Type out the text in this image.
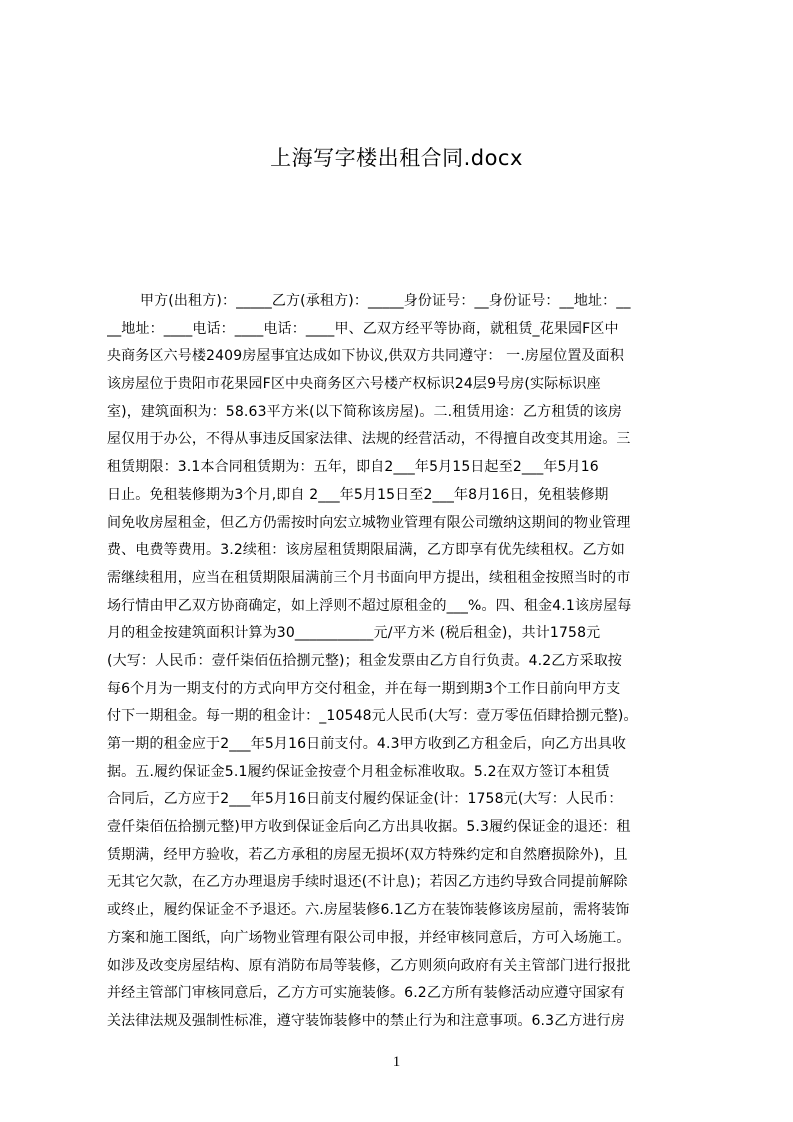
上海写字楼出租合同.docx
甲方(出租方)：_____乙方(承租方)：_____身份证号：__身份证号：__地址：__
__地址：____电话：____电话：____甲、乙双方经平等协商，就租赁_花果园F区中
央商务区六号楼2409房屋事宜达成如下协议,供双方共同遵守： 一.房屋位置及面积
该房屋位于贵阳市花果园F区中央商务区六号楼产权标识24层9号房(实际标识座
室)，建筑面积为：58.63平方米(以下简称该房屋)。二.租赁用途：乙方租赁的该房
屋仅用于办公，不得从事违反国家法律、法规的经营活动，不得擅自改变其用途。三
租赁期限：3.1本合同租赁期为：五年，即自2___年5月15日起至2___年5月16
日止。免租装修期为3个月,即自 2___年5月15日至2___年8月16日，免租装修期
间免收房屋租金，但乙方仍需按时向宏立城物业管理有限公司缴纳这期间的物业管理
费、电费等费用。3.2续租：该房屋租赁期限届满，乙方即享有优先续租权。乙方如
需继续租用，应当在租赁期限届满前三个月书面向甲方提出，续租租金按照当时的市
场行情由甲乙双方协商确定，如上浮则不超过原租金的___%。四、租金4.1该房屋每
月的租金按建筑面积计算为30___________元/平方米 (税后租金)，共计1758元
(大写：人民币：壹仟柒佰伍拾捌元整)；租金发票由乙方自行负责。4.2乙方采取按
每6个月为一期支付的方式向甲方交付租金，并在每一期到期3个工作日前向甲方支
付下一期租金。每一期的租金计：_10548元人民币(大写：壹万零伍佰肆拾捌元整)。
第一期的租金应于2___年5月16日前支付。4.3甲方收到乙方租金后，向乙方出具收
据。五.履约保证金5.1履约保证金按壹个月租金标准收取。5.2在双方签订本租赁
合同后，乙方应于2___年5月16日前支付履约保证金(计：1758元(大写：人民币：
壹仟柒佰伍拾捌元整)甲方收到保证金后向乙方出具收据。5.3履约保证金的退还：租
赁期满，经甲方验收，若乙方承租的房屋无损坏(双方特殊约定和自然磨损除外)，且
无其它欠款，在乙方办理退房手续时退还(不计息)；若因乙方违约导致合同提前解除
或终止，履约保证金不予退还。六.房屋装修6.1乙方在装饰装修该房屋前，需将装饰
方案和施工图纸，向广场物业管理有限公司申报，并经审核同意后，方可入场施工。
如涉及改变房屋结构、原有消防布局等装修，乙方则须向政府有关主管部门进行报批
并经主管部门审核同意后，乙方方可实施装修。6.2乙方所有装修活动应遵守国家有
关法律法规及强制性标准，遵守装饰装修中的禁止行为和注意事项。6.3乙方进行房
1
